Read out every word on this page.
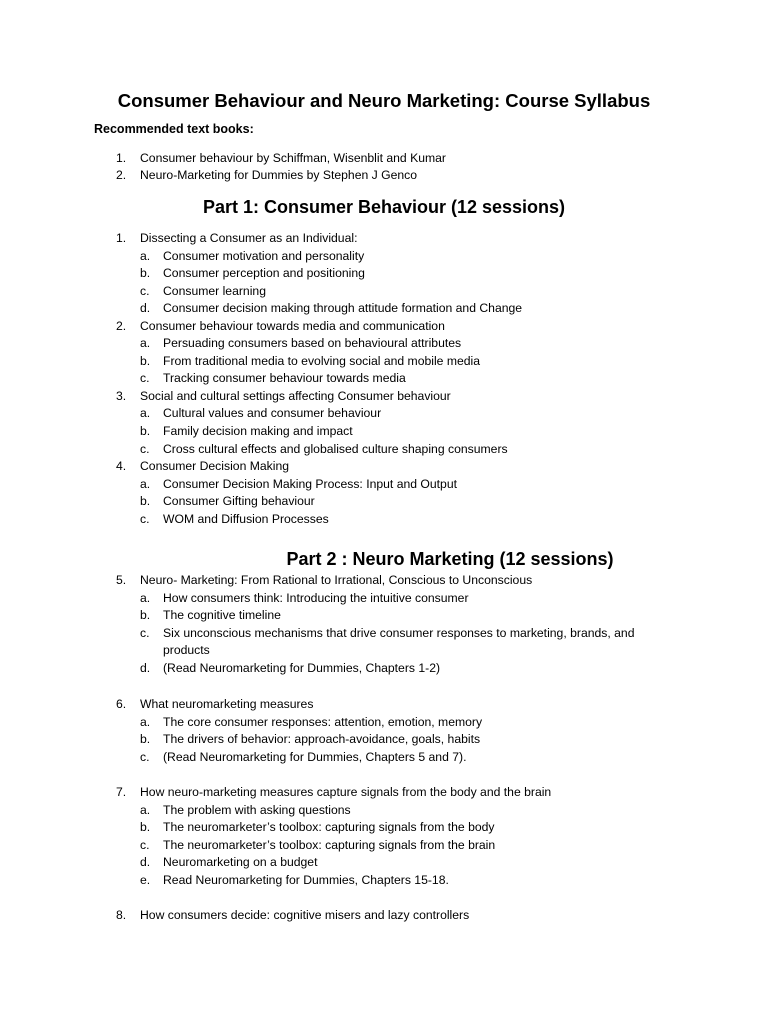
Consumer Behaviour and Neuro Marketing: Course Syllabus
Recommended text books:
1. Consumer behaviour by Schiffman, Wisenblit and Kumar
2. Neuro-Marketing for Dummies by Stephen J Genco
Part 1: Consumer Behaviour (12 sessions)
1. Dissecting a Consumer as an Individual:
a. Consumer motivation and personality
b. Consumer perception and positioning
c. Consumer learning
d. Consumer decision making through attitude formation and Change
2. Consumer behaviour towards media and communication
a. Persuading consumers based on behavioural attributes
b. From traditional media to evolving social and mobile media
c. Tracking consumer behaviour towards media
3. Social and cultural settings affecting Consumer behaviour
a. Cultural values and consumer behaviour
b. Family decision making and impact
c. Cross cultural effects and globalised culture shaping consumers
4. Consumer Decision Making
a. Consumer Decision Making Process: Input and Output
b. Consumer Gifting behaviour
c. WOM and Diffusion Processes
Part 2 : Neuro Marketing (12 sessions)
5. Neuro- Marketing: From Rational to Irrational, Conscious to Unconscious
a. How consumers think: Introducing the intuitive consumer
b. The cognitive timeline
c. Six unconscious mechanisms that drive consumer responses to marketing, brands, and products
d. (Read Neuromarketing for Dummies, Chapters 1-2)
6. What neuromarketing measures
a. The core consumer responses: attention, emotion, memory
b. The drivers of behavior: approach-avoidance, goals, habits
c. (Read Neuromarketing for Dummies, Chapters 5 and 7).
7. How neuro-marketing measures capture signals from the body and the brain
a. The problem with asking questions
b. The neuromarketer’s toolbox: capturing signals from the body
c. The neuromarketer’s toolbox: capturing signals from the brain
d. Neuromarketing on a budget
e. Read Neuromarketing for Dummies, Chapters 15-18.
8. How consumers decide: cognitive misers and lazy controllers
